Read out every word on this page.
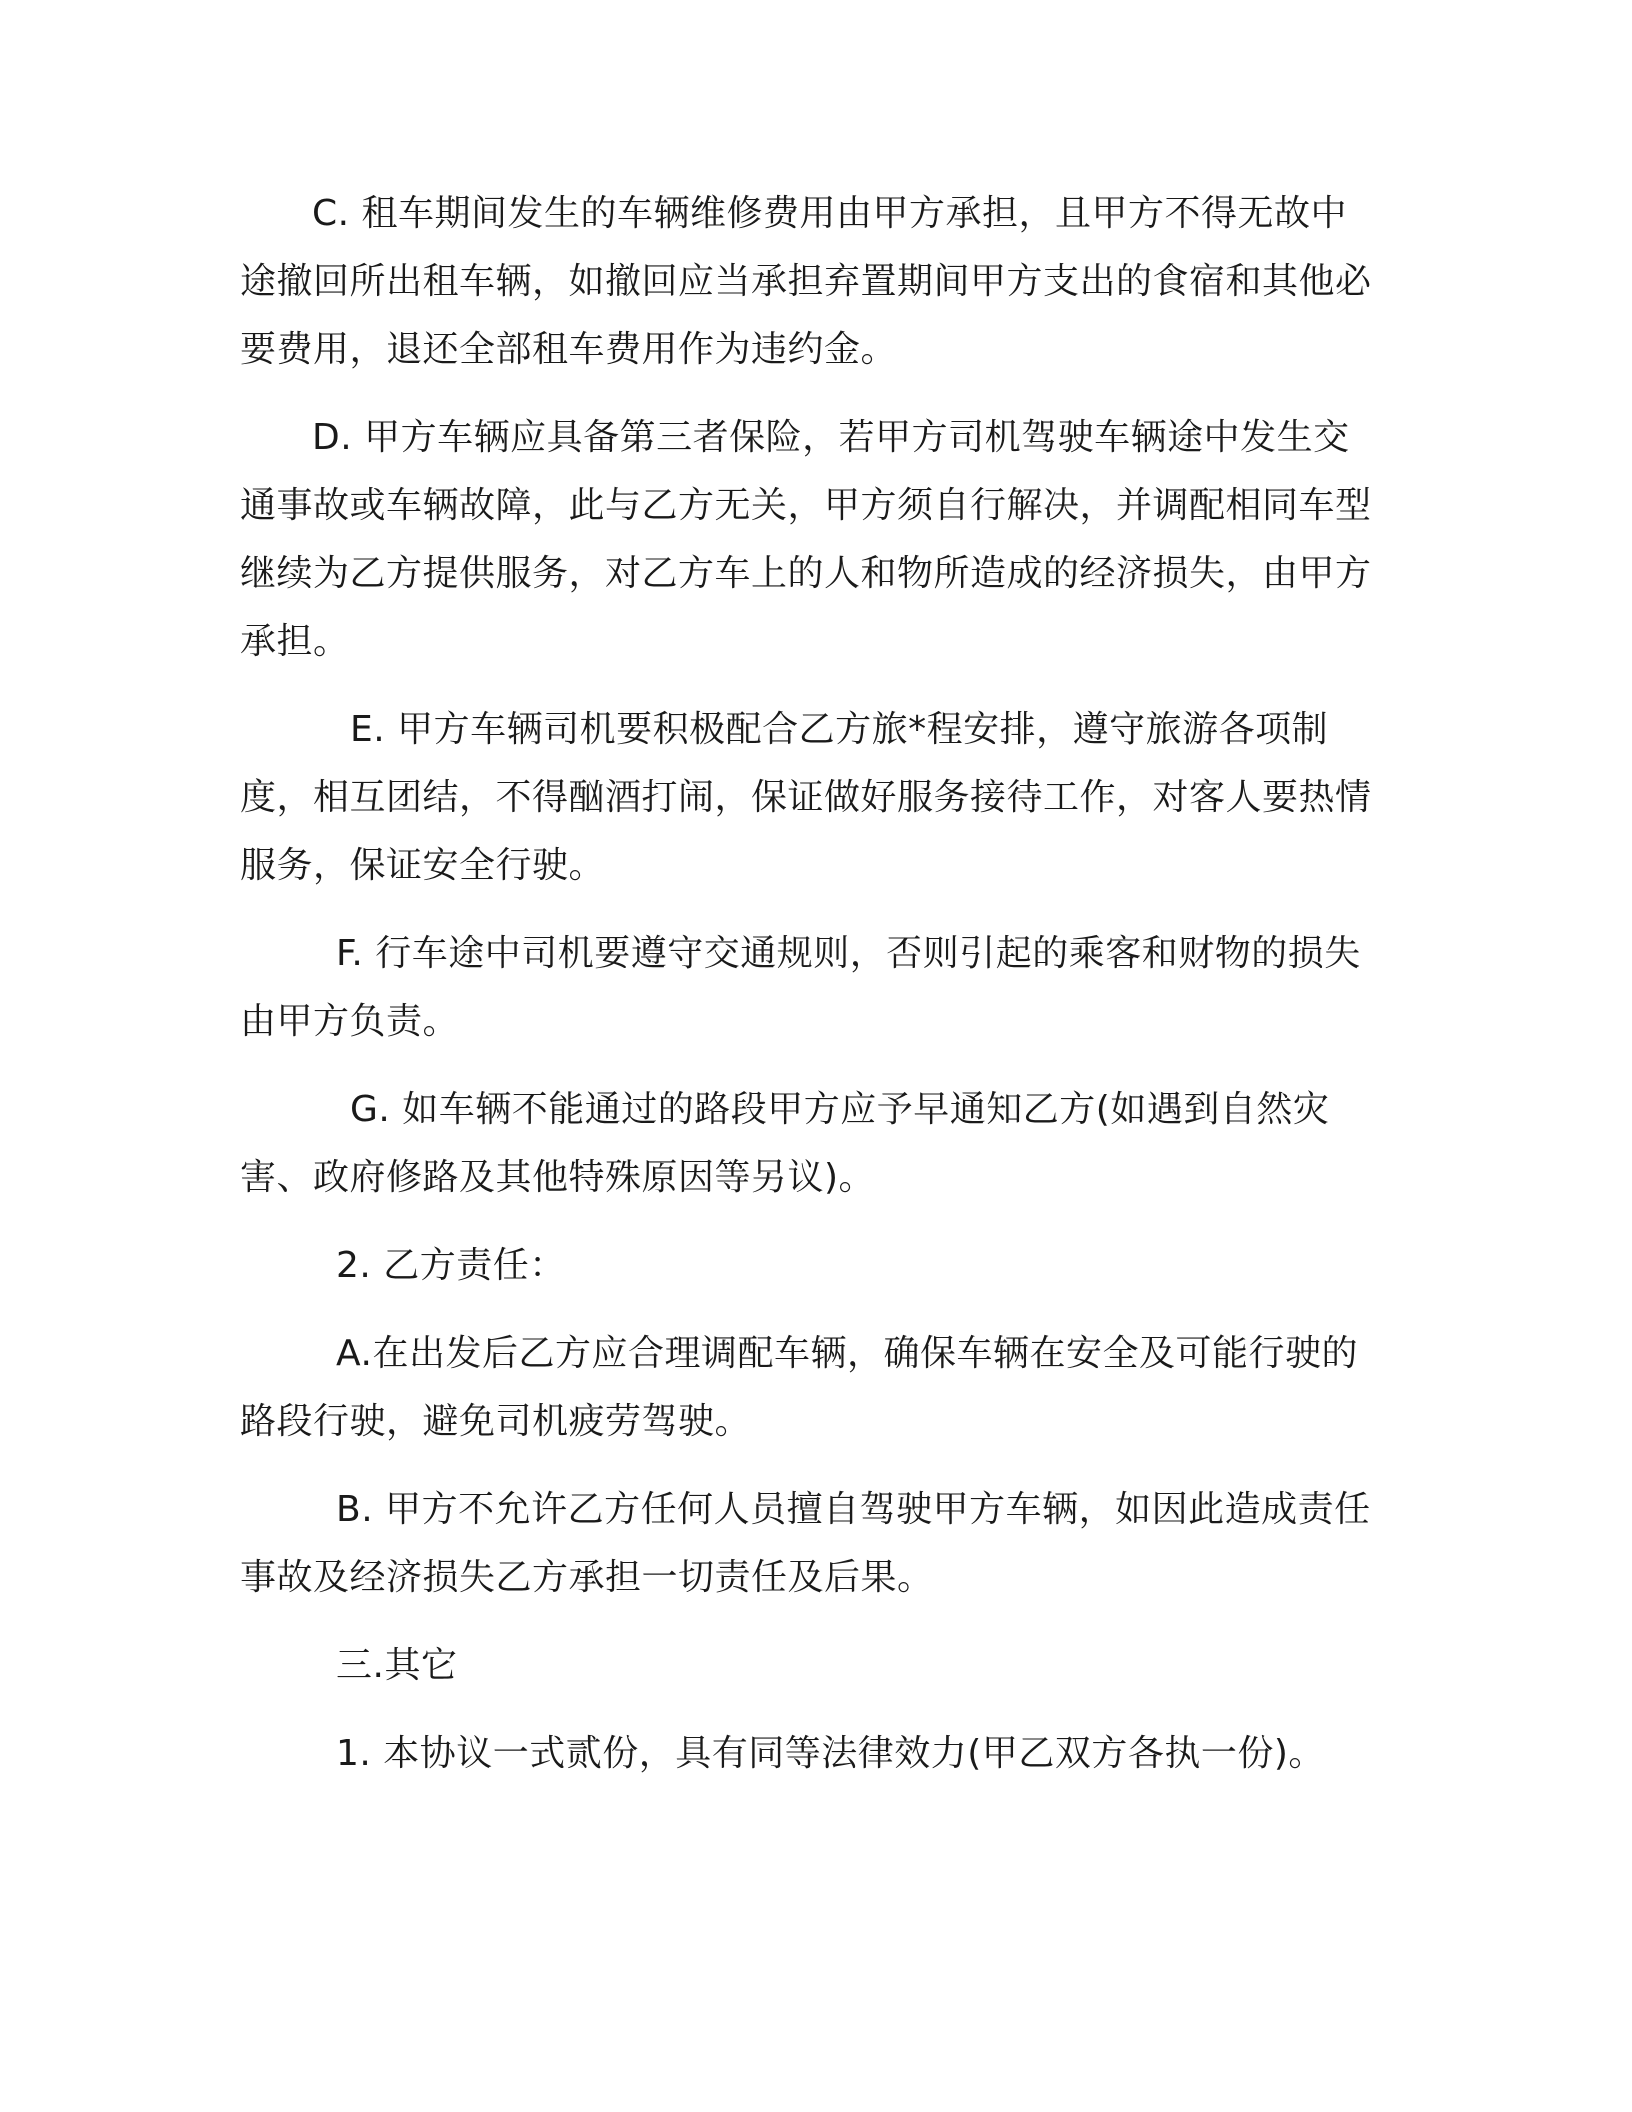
C. 租车期间发生的车辆维修费用由甲方承担，且甲方不得无故中途撤回所出租车辆，如撤回应当承担弃置期间甲方支出的食宿和其他必要费用，退还全部租车费用作为违约金。

D. 甲方车辆应具备第三者保险，若甲方司机驾驶车辆途中发生交通事故或车辆故障，此与乙方无关，甲方须自行解决，并调配相同车型继续为乙方提供服务，对乙方车上的人和物所造成的经济损失，由甲方承担。

E. 甲方车辆司机要积极配合乙方旅*程安排，遵守旅游各项制度，相互团结，不得酗酒打闹，保证做好服务接待工作，对客人要热情服务，保证安全行驶。

F. 行车途中司机要遵守交通规则，否则引起的乘客和财物的损失由甲方负责。

G. 如车辆不能通过的路段甲方应予早通知乙方(如遇到自然灾害、政府修路及其他特殊原因等另议)。

2. 乙方责任：

A.在出发后乙方应合理调配车辆，确保车辆在安全及可能行驶的路段行驶，避免司机疲劳驾驶。

B. 甲方不允许乙方任何人员擅自驾驶甲方车辆，如因此造成责任事故及经济损失乙方承担一切责任及后果。

三.其它

1. 本协议一式贰份，具有同等法律效力(甲乙双方各执一份)。
